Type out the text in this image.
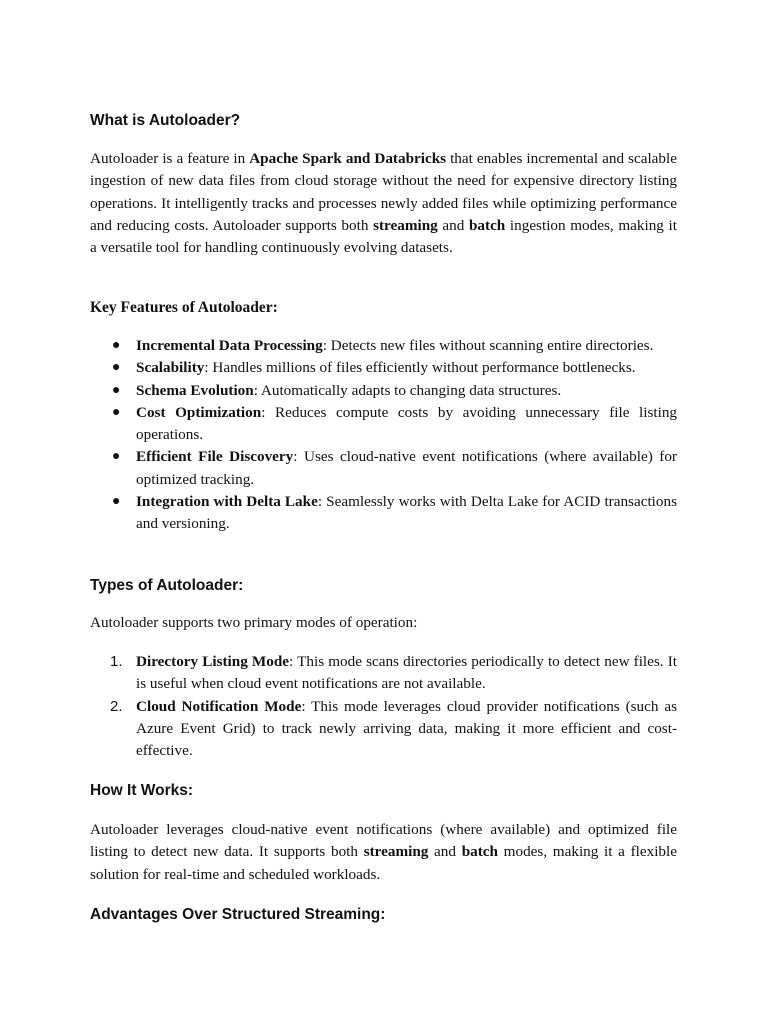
What is Autoloader?

Autoloader is a feature in Apache Spark and Databricks that enables incremental and scalable ingestion of new data files from cloud storage without the need for expensive directory listing operations. It intelligently tracks and processes newly added files while optimizing performance and reducing costs. Autoloader supports both streaming and batch ingestion modes, making it a versatile tool for handling continuously evolving datasets.

Key Features of Autoloader:
● Incremental Data Processing: Detects new files without scanning entire directories.
● Scalability: Handles millions of files efficiently without performance bottlenecks.
● Schema Evolution: Automatically adapts to changing data structures.
● Cost Optimization: Reduces compute costs by avoiding unnecessary file listing operations.
● Efficient File Discovery: Uses cloud-native event notifications (where available) for optimized tracking.
● Integration with Delta Lake: Seamlessly works with Delta Lake for ACID transactions and versioning.
Types of Autoloader:

Autoloader supports two primary modes of operation:

1. Directory Listing Mode: This mode scans directories periodically to detect new files. It is useful when cloud event notifications are not available.
2. Cloud Notification Mode: This mode leverages cloud provider notifications (such as Azure Event Grid) to track newly arriving data, making it more efficient and cost-effective.
How It Works:

Autoloader leverages cloud-native event notifications (where available) and optimized file listing to detect new data. It supports both streaming and batch modes, making it a flexible solution for real-time and scheduled workloads.

Advantages Over Structured Streaming:
